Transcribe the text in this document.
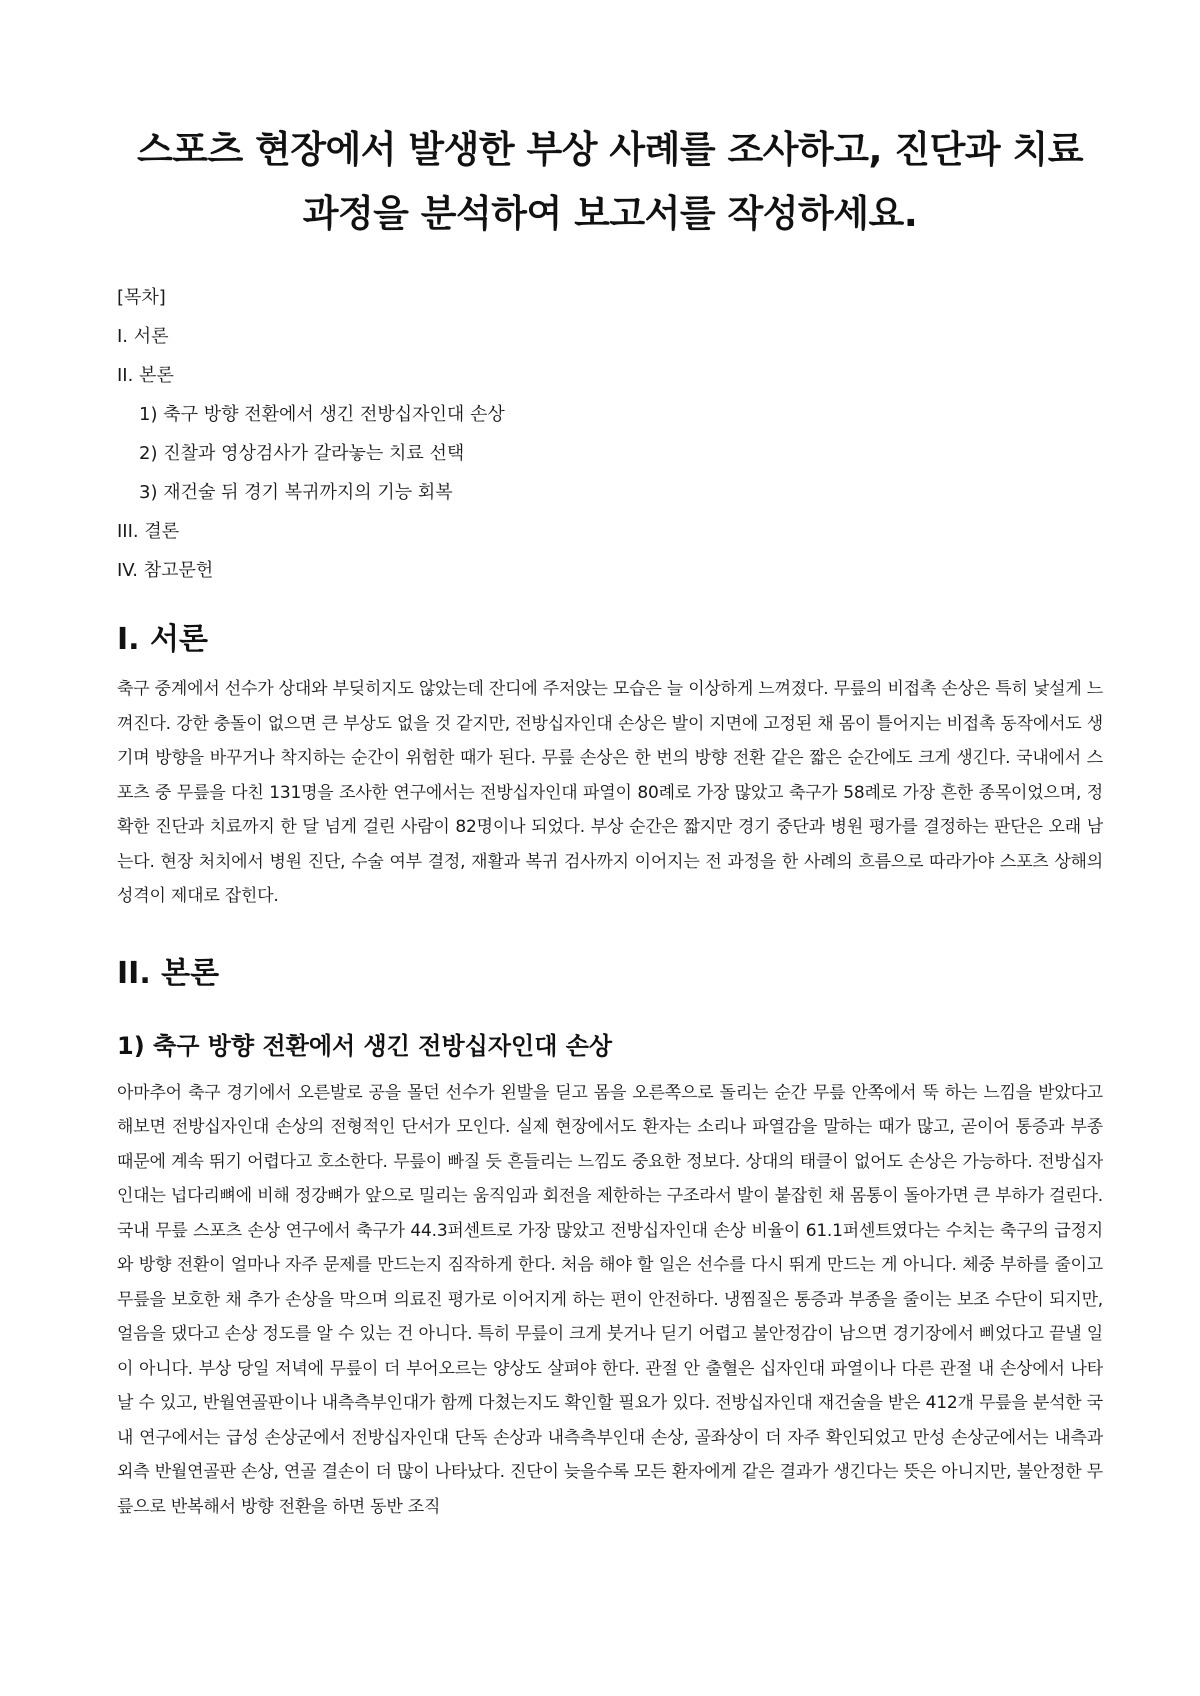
스포츠 현장에서 발생한 부상 사례를 조사하고, 진단과 치료 과정을 분석하여 보고서를 작성하세요.
[목차]
I. 서론
II. 본론
1) 축구 방향 전환에서 생긴 전방십자인대 손상
2) 진찰과 영상검사가 갈라놓는 치료 선택
3) 재건술 뒤 경기 복귀까지의 기능 회복
III. 결론
IV. 참고문헌
I. 서론

축구 중계에서 선수가 상대와 부딪히지도 않았는데 잔디에 주저앉는 모습은 늘 이상하게 느껴졌다. 무릎의 비접촉 손상은 특히 낯설게 느껴진다. 강한 충돌이 없으면 큰 부상도 없을 것 같지만, 전방십자인대 손상은 발이 지면에 고정된 채 몸이 틀어지는 비접촉 동작에서도 생기며 방향을 바꾸거나 착지하는 순간이 위험한 때가 된다. 무릎 손상은 한 번의 방향 전환 같은 짧은 순간에도 크게 생긴다. 국내에서 스포츠 중 무릎을 다친 131명을 조사한 연구에서는 전방십자인대 파열이 80례로 가장 많았고 축구가 58례로 가장 흔한 종목이었으며, 정확한 진단과 치료까지 한 달 넘게 걸린 사람이 82명이나 되었다. 부상 순간은 짧지만 경기 중단과 병원 평가를 결정하는 판단은 오래 남는다. 현장 처치에서 병원 진단, 수술 여부 결정, 재활과 복귀 검사까지 이어지는 전 과정을 한 사례의 흐름으로 따라가야 스포츠 상해의 성격이 제대로 잡힌다.

II. 본론
1) 축구 방향 전환에서 생긴 전방십자인대 손상

아마추어 축구 경기에서 오른발로 공을 몰던 선수가 왼발을 딛고 몸을 오른쪽으로 돌리는 순간 무릎 안쪽에서 뚝 하는 느낌을 받았다고 해보면 전방십자인대 손상의 전형적인 단서가 모인다. 실제 현장에서도 환자는 소리나 파열감을 말하는 때가 많고, 곧이어 통증과 부종 때문에 계속 뛰기 어렵다고 호소한다. 무릎이 빠질 듯 흔들리는 느낌도 중요한 정보다. 상대의 태클이 없어도 손상은 가능하다. 전방십자인대는 넙다리뼈에 비해 정강뼈가 앞으로 밀리는 움직임과 회전을 제한하는 구조라서 발이 붙잡힌 채 몸통이 돌아가면 큰 부하가 걸린다. 국내 무릎 스포츠 손상 연구에서 축구가 44.3퍼센트로 가장 많았고 전방십자인대 손상 비율이 61.1퍼센트였다는 수치는 축구의 급정지와 방향 전환이 얼마나 자주 문제를 만드는지 짐작하게 한다. 처음 해야 할 일은 선수를 다시 뛰게 만드는 게 아니다. 체중 부하를 줄이고 무릎을 보호한 채 추가 손상을 막으며 의료진 평가로 이어지게 하는 편이 안전하다. 냉찜질은 통증과 부종을 줄이는 보조 수단이 되지만, 얼음을 댔다고 손상 정도를 알 수 있는 건 아니다. 특히 무릎이 크게 붓거나 딛기 어렵고 불안정감이 남으면 경기장에서 삐었다고 끝낼 일이 아니다. 부상 당일 저녁에 무릎이 더 부어오르는 양상도 살펴야 한다. 관절 안 출혈은 십자인대 파열이나 다른 관절 내 손상에서 나타날 수 있고, 반월연골판이나 내측측부인대가 함께 다쳤는지도 확인할 필요가 있다. 전방십자인대 재건술을 받은 412개 무릎을 분석한 국내 연구에서는 급성 손상군에서 전방십자인대 단독 손상과 내측측부인대 손상, 골좌상이 더 자주 확인되었고 만성 손상군에서는 내측과 외측 반월연골판 손상, 연골 결손이 더 많이 나타났다. 진단이 늦을수록 모든 환자에게 같은 결과가 생긴다는 뜻은 아니지만, 불안정한 무릎으로 반복해서 방향 전환을 하면 동반 조직
